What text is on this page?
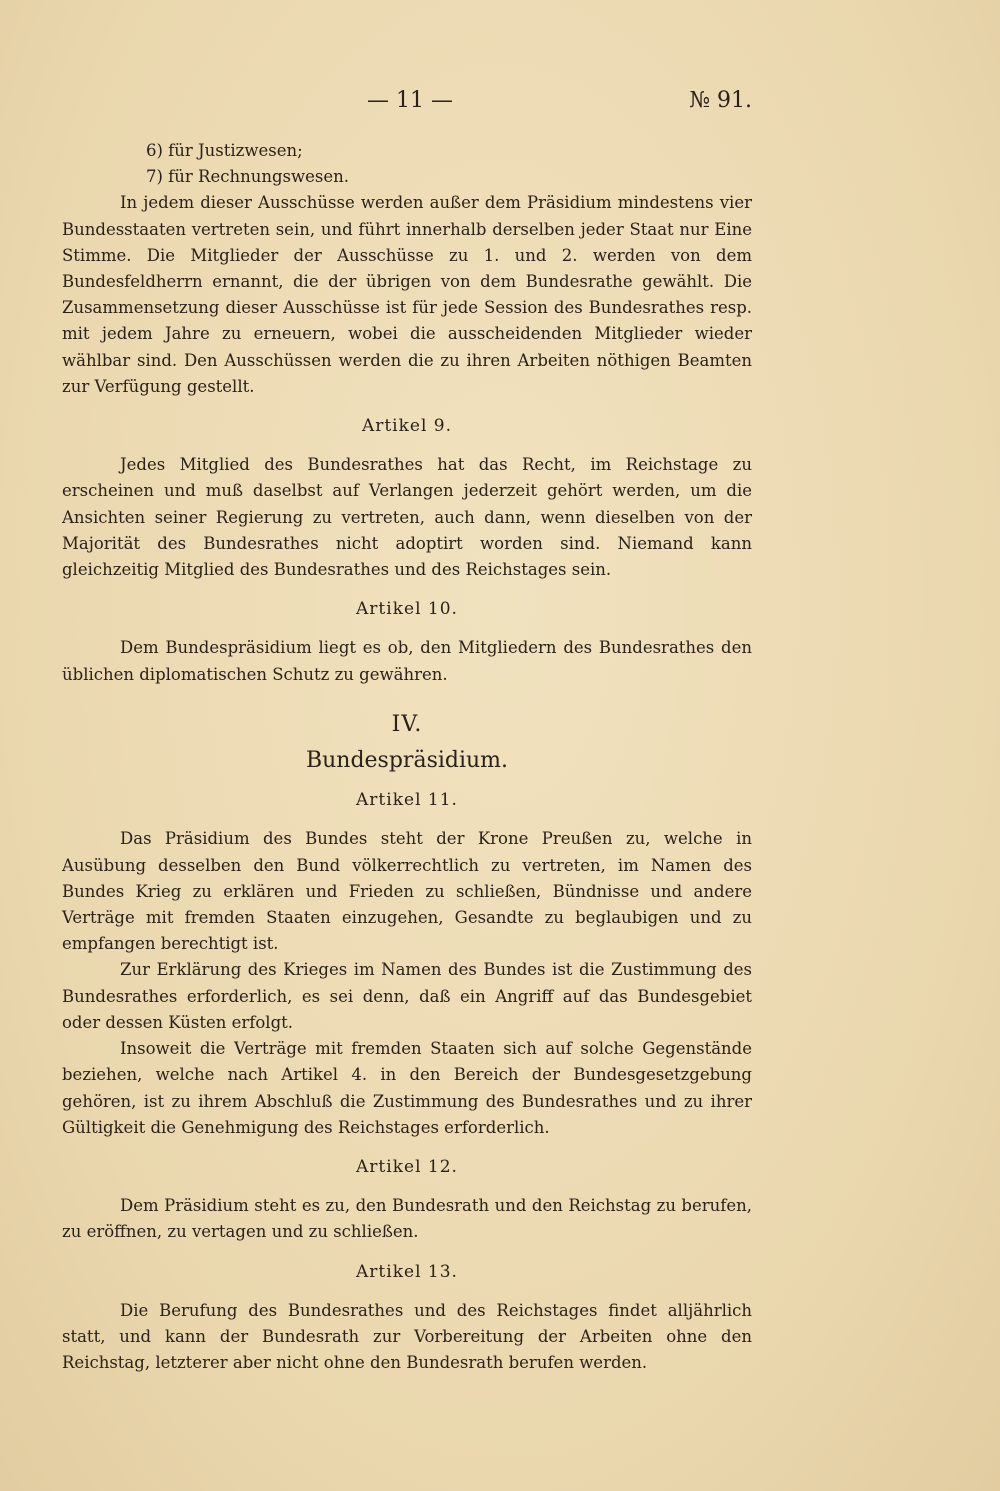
— 11 —	№ 91.

6) für Justizwesen;

7) für Rechnungswesen.

In jedem dieser Ausschüsse werden außer dem Präsidium mindestens vier Bundesstaaten vertreten sein, und führt innerhalb derselben jeder Staat nur Eine Stimme. Die Mitglieder der Ausschüsse zu 1. und 2. werden von dem Bundesfeldherrn ernannt, die der übrigen von dem Bundesrathe gewählt. Die Zusammensetzung dieser Ausschüsse ist für jede Session des Bundesrathes resp. mit jedem Jahre zu erneuern, wobei die ausscheidenden Mitglieder wieder wählbar sind. Den Ausschüssen werden die zu ihren Arbeiten nöthigen Beamten zur Verfügung gestellt.

Artikel 9.

Jedes Mitglied des Bundesrathes hat das Recht, im Reichstage zu erscheinen und muß daselbst auf Verlangen jederzeit gehört werden, um die Ansichten seiner Regierung zu vertreten, auch dann, wenn dieselben von der Majorität des Bundesrathes nicht adoptirt worden sind. Niemand kann gleichzeitig Mitglied des Bundesrathes und des Reichstages sein.

Artikel 10.

Dem Bundespräsidium liegt es ob, den Mitgliedern des Bundesrathes den üblichen diplomatischen Schutz zu gewähren.

IV.
Bundespräsidium.
Artikel 11.

Das Präsidium des Bundes steht der Krone Preußen zu, welche in Ausübung desselben den Bund völkerrechtlich zu vertreten, im Namen des Bundes Krieg zu erklären und Frieden zu schließen, Bündnisse und andere Verträge mit fremden Staaten einzugehen, Gesandte zu beglaubigen und zu empfangen berechtigt ist.

Zur Erklärung des Krieges im Namen des Bundes ist die Zustimmung des Bundesrathes erforderlich, es sei denn, daß ein Angriff auf das Bundesgebiet oder dessen Küsten erfolgt.

Insoweit die Verträge mit fremden Staaten sich auf solche Gegenstände beziehen, welche nach Artikel 4. in den Bereich der Bundesgesetzgebung gehören, ist zu ihrem Abschluß die Zustimmung des Bundesrathes und zu ihrer Gültigkeit die Genehmigung des Reichstages erforderlich.

Artikel 12.

Dem Präsidium steht es zu, den Bundesrath und den Reichstag zu berufen, zu eröffnen, zu vertagen und zu schließen.

Artikel 13.

Die Berufung des Bundesrathes und des Reichstages findet alljährlich statt, und kann der Bundesrath zur Vorbereitung der Arbeiten ohne den Reichstag, letzterer aber nicht ohne den Bundesrath berufen werden.
